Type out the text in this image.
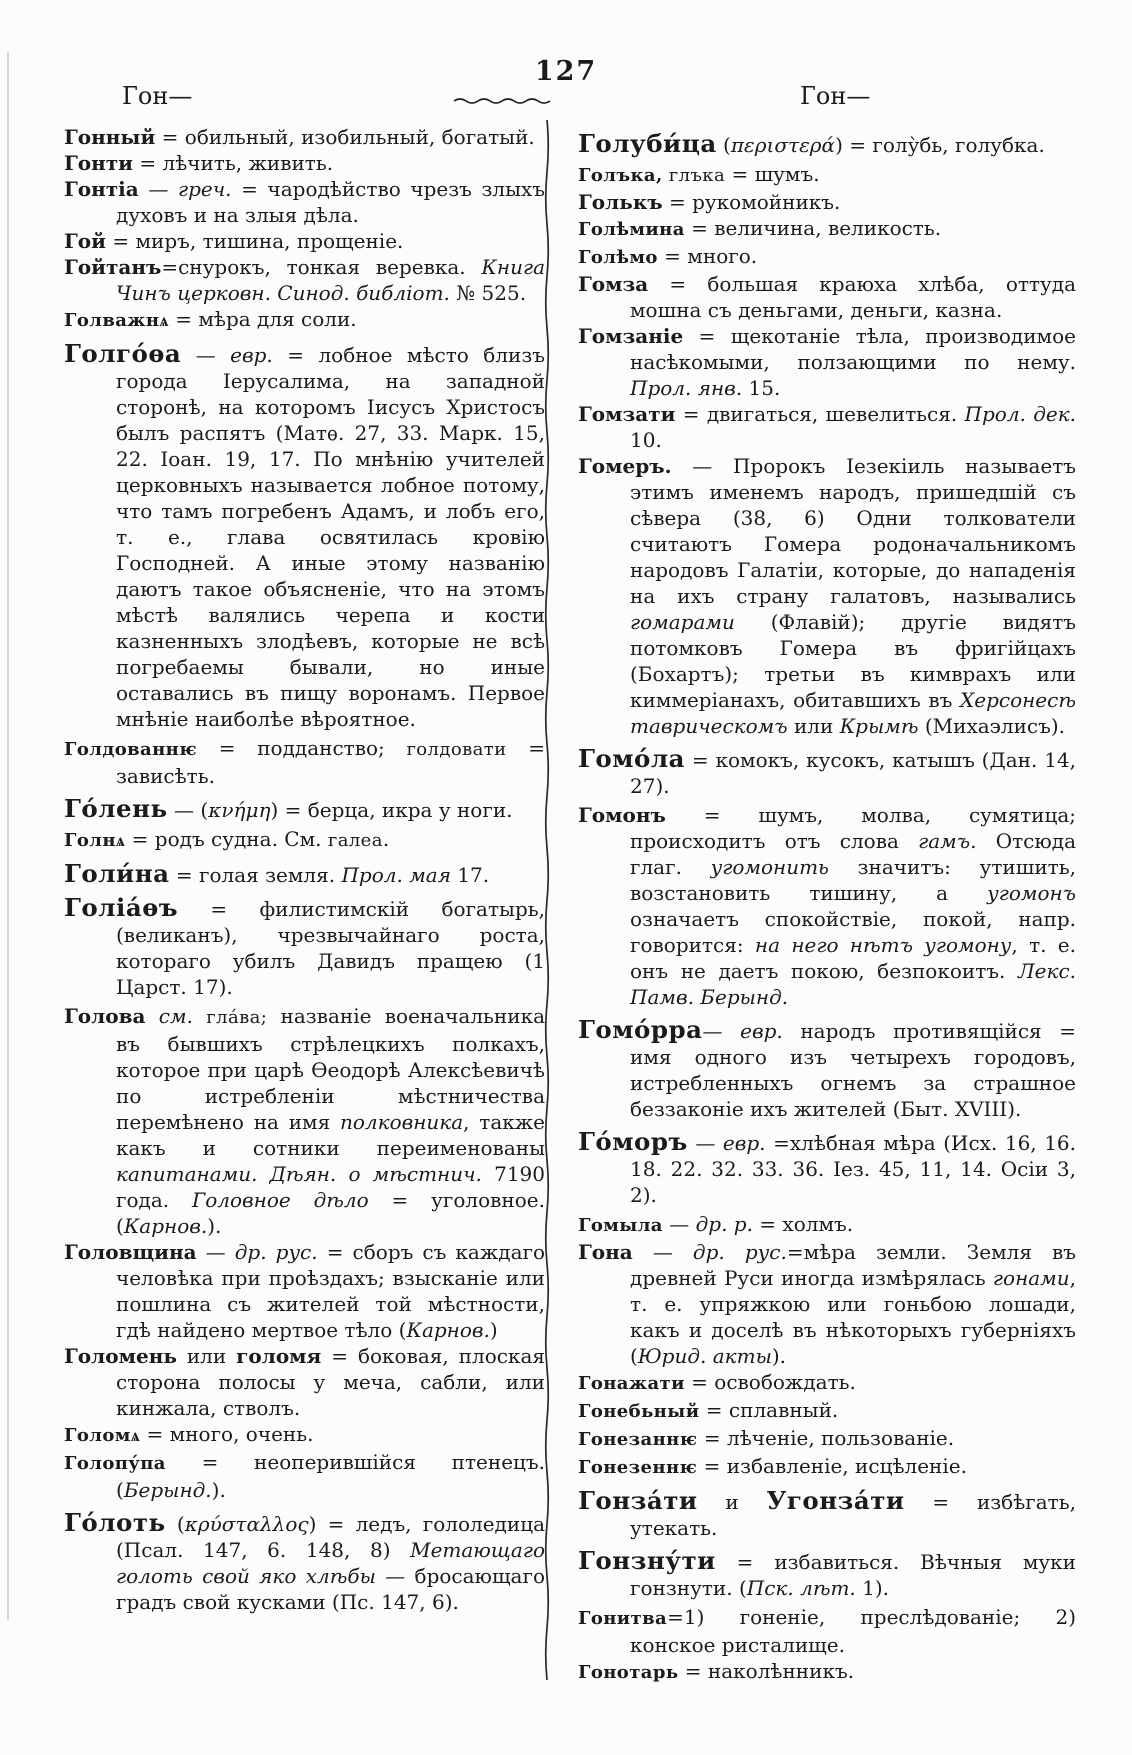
127
Гон—	Гон—
Гонный = обильный, изобильный, богатый.
Гонти = лѣчить, живить.
Гонтіа — греч. = чародѣйство чрезъ злыхъ духовъ и на злыя дѣла.
Гой = миръ, тишина, прощеніе.
Гойтанъ=снурокъ, тонкая веревка. Книга Чинъ церковн. Синод. библіот. № 525.
Голважнѧ = мѣра для соли.
Голго́ѳа — евр. = лобное мѣсто близъ города Іерусалима, на западной сторонѣ, на которомъ Іисусъ Христосъ былъ распятъ (Матѳ. 27, 33. Марк. 15, 22. Іоан. 19, 17. По мнѣнію учителей церковныхъ называется лобное потому, что тамъ погребенъ Адамъ, и лобъ его, т. е., глава освятилась кровію Господней. А иные этому названію даютъ такое объясненіе, что на этомъ мѣстѣ валялись черепа и кости казненныхъ злодѣевъ, которые не всѣ погребаемы бывали, но иные оставались въ пищу воронамъ. Первое мнѣніе наиболѣе вѣроятное.
Голдованнѥ = подданство; голдовати = зависѣть.
Го́лень — (κνήμη) = берца, икра у ноги.
Голнѧ = родъ судна. См. галеа.
Голи́на = голая земля. Прол. мая 17.
Голіа́ѳъ = филистимскій богатырь, (великанъ), чрезвычайнаго роста, котораго убилъ Давидъ пращею (1 Царст. 17).
Голова см. гла́ва; названіе военачальника въ бывшихъ стрѣлецкихъ полкахъ, которое при царѣ Ѳеодорѣ Алексѣевичѣ по истребленіи мѣстничества перемѣнено на имя полковника, также какъ и сотники переименованы капитанами. Дѣян. о мѣстнич. 7190 года. Головное дѣло = уголовное. (Карнов.).
Головщина — др. рус. = сборъ съ каждаго человѣка при проѣздахъ; взысканіе или пошлина съ жителей той мѣстности, гдѣ найдено мертвое тѣло (Карнов.)
Голомень или голомя = боковая, плоская сторона полосы у меча, сабли, или кинжала, стволъ.
Голомѧ = много, очень.
Голопу́па = неоперившійся птенецъ. (Берынд.).
Го́лоть (κρύσταλλος) = ледъ, гололедица (Псал. 147, 6. 148, 8) Метающаго голоть свой яко хлѣбы — бросающаго градъ свой кусками (Пс. 147, 6).
Голуби́ца (περιστερά) = голу̀бь, голубка.
Голъка, глъка = шумъ.
Голькъ = рукомойникъ.
Голѣмина = величина, великость.
Голѣмо = много.
Гомза = большая краюха хлѣба, оттуда мошна съ деньгами, деньги, казна.
Гомзаніе = щекотаніе тѣла, производимое насѣкомыми, ползающими по нему. Прол. янв. 15.
Гомзати = двигаться, шевелиться. Прол. дек. 10.
Гомеръ. — Пророкъ Іезекіиль называетъ этимъ именемъ народъ, пришедшій съ сѣвера (38, 6) Одни толкователи считаютъ Гомера родоначальникомъ народовъ Галатіи, которые, до нападенія на ихъ страну галатовъ, назывались гомарами (Флавій); другіе видятъ потомковъ Гомера въ фригійцахъ (Бохартъ); третьи въ кимврахъ или киммеріанахъ, обитавшихъ въ Херсонесѣ таврическомъ или Крымѣ (Михаэлисъ).
Гомо́ла = комокъ, кусокъ, катышъ (Дан. 14, 27).
Гомонъ = шумъ, молва, сумятица; происходитъ отъ слова гамъ. Отсюда глаг. угомонить значитъ: утишить, возстановить тишину, а угомонъ означаетъ спокойствіе, покой, напр. говорится: на него нѣтъ угомону, т. е. онъ не даетъ покою, безпокоитъ. Лекс. Памв. Берынд.
Гомо́рра— евр. народъ противящійся = имя одного изъ четырехъ городовъ, истребленныхъ огнемъ за страшное беззаконіе ихъ жителей (Быт. XVIII).
Го́моръ — евр. =хлѣбная мѣра (Исх. 16, 16. 18. 22. 32. 33. 36. Іез. 45, 11, 14. Осіи 3, 2).
Гомыла — др. р. = холмъ.
Гона — др. рус.=мѣра земли. Земля въ древней Руси иногда измѣрялась гонами, т. е. упряжкою или гоньбою лошади, какъ и доселѣ въ нѣкоторыхъ губерніяхъ (Юрид. акты).
Гонажати = освобождать.
Гонебьный = сплавный.
Гонезаннѥ = лѣченіе, пользованіе.
Гонезеннѥ = избавленіе, исцѣленіе.
Гонза́ти и Угонза́ти = избѣгать, утекать.
Гонзну́ти = избавиться. Вѣчныя муки гонзнути. (Пск. лѣт. 1).
Гонитва=1) гоненіе, преслѣдованіе; 2) конское ристалище.
Гонотарь = наколѣнникъ.
